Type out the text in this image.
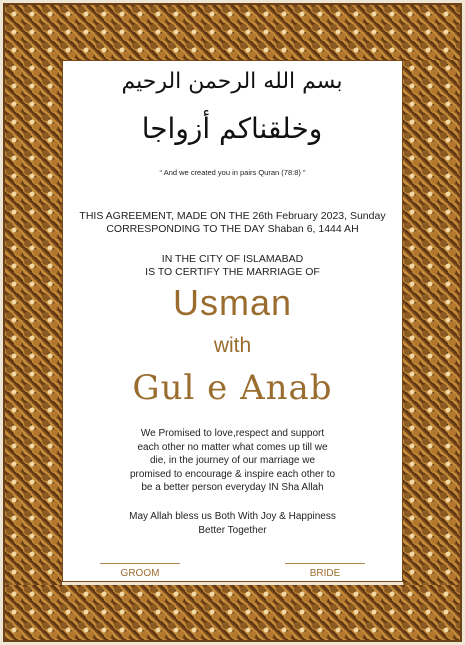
بسم الله الرحمن الرحيم
وخلقناكم أزواجا
“ And we created you in pairs Quran (78:8) ”
THIS AGREEMENT, MADE ON THE 26th February 2023, Sunday
CORRESPONDING TO THE DAY Shaban 6, 1444 AH
IN THE CITY OF ISLAMABAD
IS TO CERTIFY THE MARRIAGE OF
Usman
with
Gul e Anab
We Promised to love,respect and support
each other no matter what comes up till we
die, in the journey of our marriage we
promised to encourage & inspire each other to
be a better person everyday IN Sha Allah
May Allah bless us Both With Joy & Happiness
Better Together
GROOM	BRIDE
